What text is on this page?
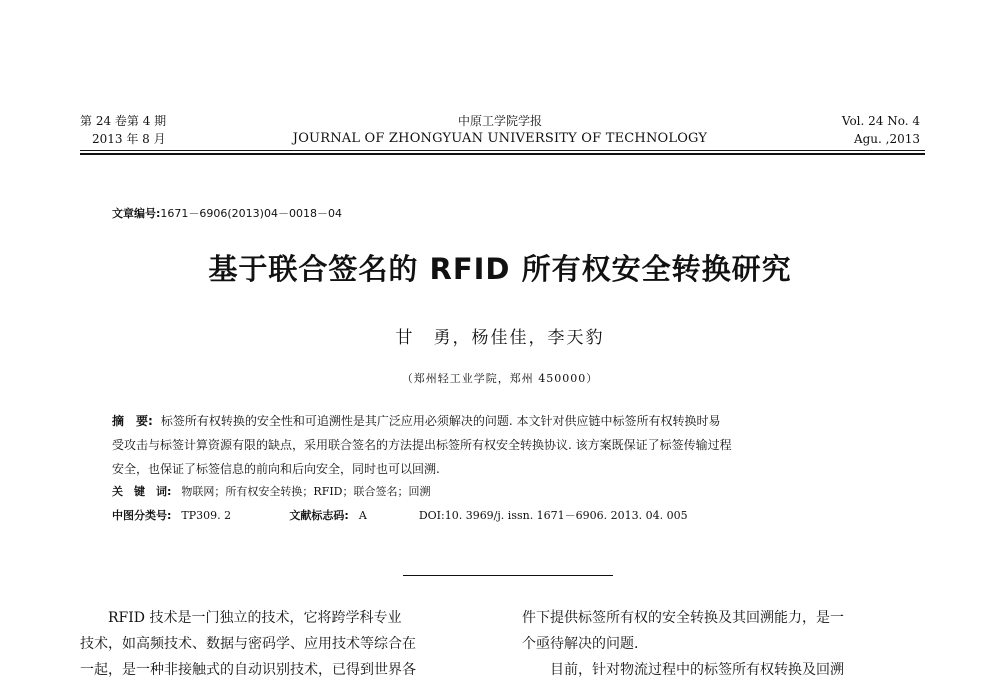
第 24 卷第 4 期
2013 年 8 月
中原工学院学报
JOURNAL OF ZHONGYUAN UNIVERSITY OF TECHNOLOGY
Vol. 24 No. 4
Agu. ,2013
文章编号:1671－6906(2013)04－0018－04
基于联合签名的 RFID 所有权安全转换研究
甘　勇，杨佳佳，李天豹
（郑州轻工业学院，郑州 450000）
摘　要: 标签所有权转换的安全性和可追溯性是其广泛应用必须解决的问题. 本文针对供应链中标签所有权转换时易
受攻击与标签计算资源有限的缺点，采用联合签名的方法提出标签所有权安全转换协议. 该方案既保证了标签传输过程
安全，也保证了标签信息的前向和后向安全，同时也可以回溯.
关　键　词: 物联网；所有权安全转换；RFID；联合签名；回溯
中图分类号: TP309. 2	文献标志码: A	DOI:10. 3969/j. issn. 1671－6906. 2013. 04. 005
RFID 技术是一门独立的技术，它将跨学科专业
技术，如高频技术、数据与密码学、应用技术等综合在
一起，是一种非接触式的自动识别技术，已得到世界各
件下提供标签所有权的安全转换及其回溯能力，是一
个亟待解决的问题.
目前，针对物流过程中的标签所有权转换及回溯
